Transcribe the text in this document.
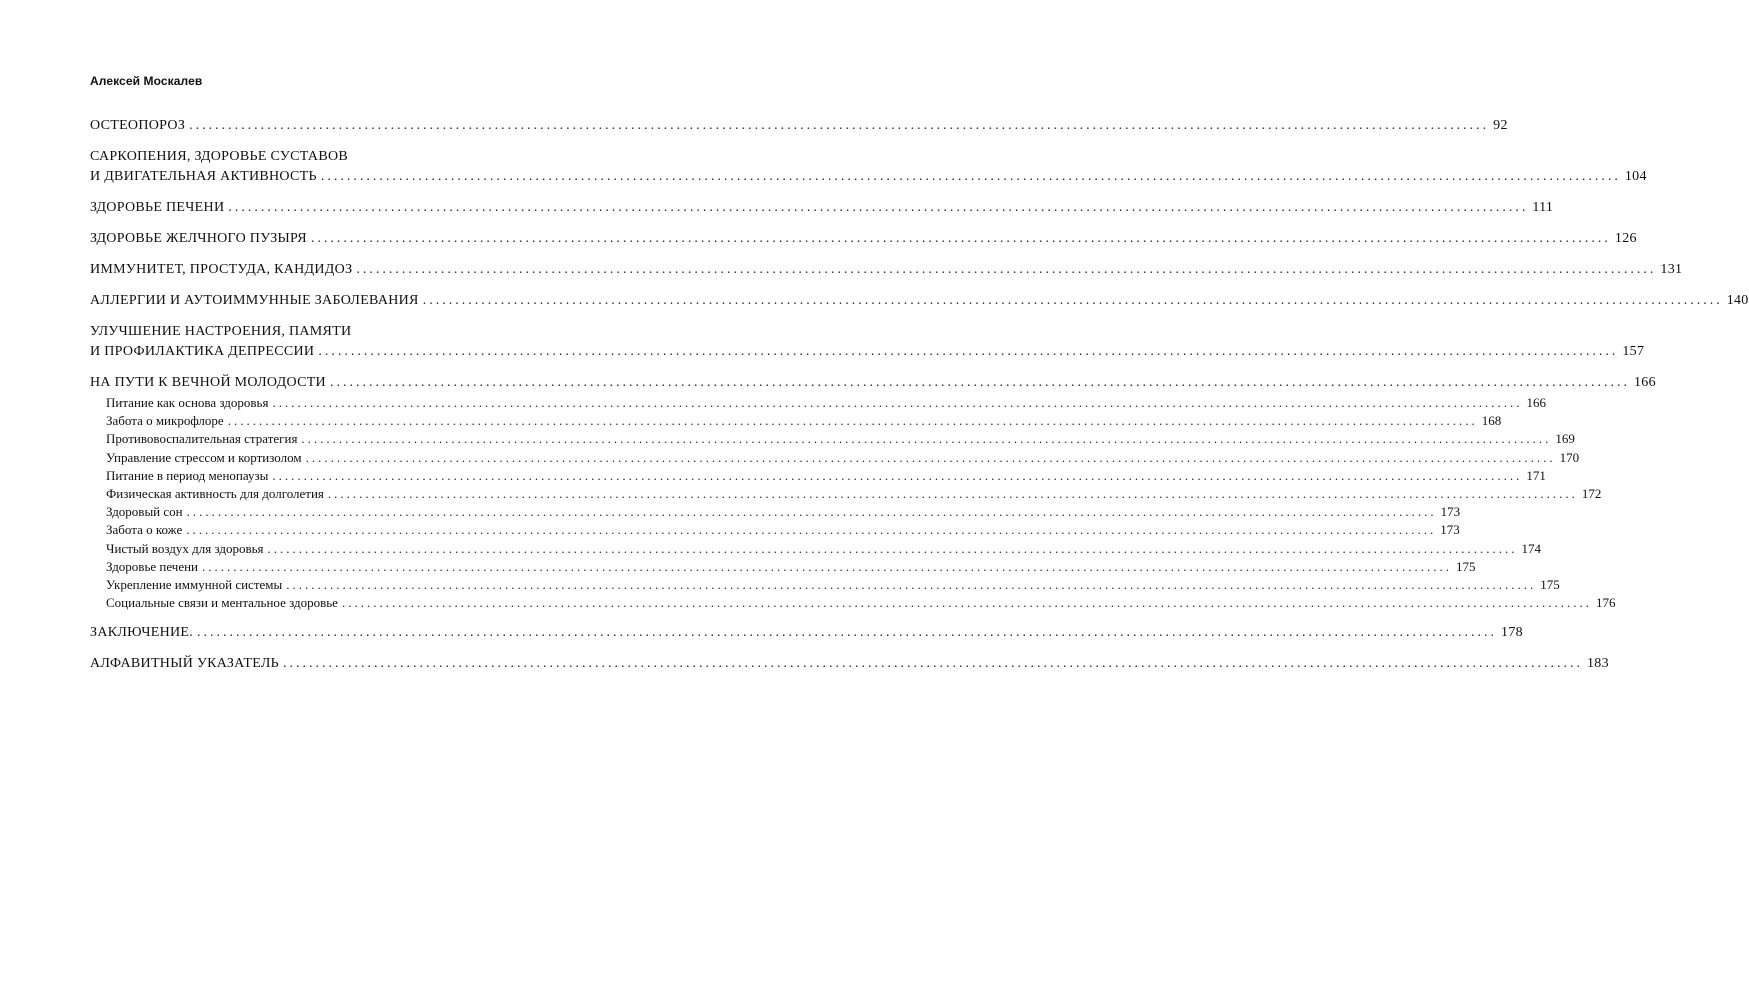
Алексей Москалев
ОСТЕОПОРОЗ ........................................................................................................................................................................................................ 92
САРКОПЕНИЯ, ЗДОРОВЬЕ СУСТАВОВ
И ДВИГАТЕЛЬНАЯ АКТИВНОСТЬ ........................................................................................................................................................................................................ 104
ЗДОРОВЬЕ ПЕЧЕНИ ........................................................................................................................................................................................................ 111
ЗДОРОВЬЕ ЖЕЛЧНОГО ПУЗЫРЯ ........................................................................................................................................................................................................ 126
ИММУНИТЕТ, ПРОСТУДА, КАНДИДОЗ ........................................................................................................................................................................................................ 131
АЛЛЕРГИИ И АУТОИММУННЫЕ ЗАБОЛЕВАНИЯ ........................................................................................................................................................................................................ 140
УЛУЧШЕНИЕ НАСТРОЕНИЯ, ПАМЯТИ
И ПРОФИЛАКТИКА ДЕПРЕССИИ ........................................................................................................................................................................................................ 157
НА ПУТИ К ВЕЧНОЙ МОЛОДОСТИ ........................................................................................................................................................................................................ 166
Питание как основа здоровья ........................................................................................................................................................................................................ 166
Забота о микрофлоре ........................................................................................................................................................................................................ 168
Противовоспалительная стратегия ........................................................................................................................................................................................................ 169
Управление стрессом и кортизолом ........................................................................................................................................................................................................ 170
Питание в период менопаузы ........................................................................................................................................................................................................ 171
Физическая активность для долголетия ........................................................................................................................................................................................................ 172
Здоровый сон ........................................................................................................................................................................................................ 173
Забота о коже ........................................................................................................................................................................................................ 173
Чистый воздух для здоровья ........................................................................................................................................................................................................ 174
Здоровье печени ........................................................................................................................................................................................................ 175
Укрепление иммунной системы ........................................................................................................................................................................................................ 175
Социальные связи и ментальное здоровье ........................................................................................................................................................................................................ 176
ЗАКЛЮЧЕНИЕ. ........................................................................................................................................................................................................ 178
АЛФАВИТНЫЙ УКАЗАТЕЛЬ ........................................................................................................................................................................................................ 183
